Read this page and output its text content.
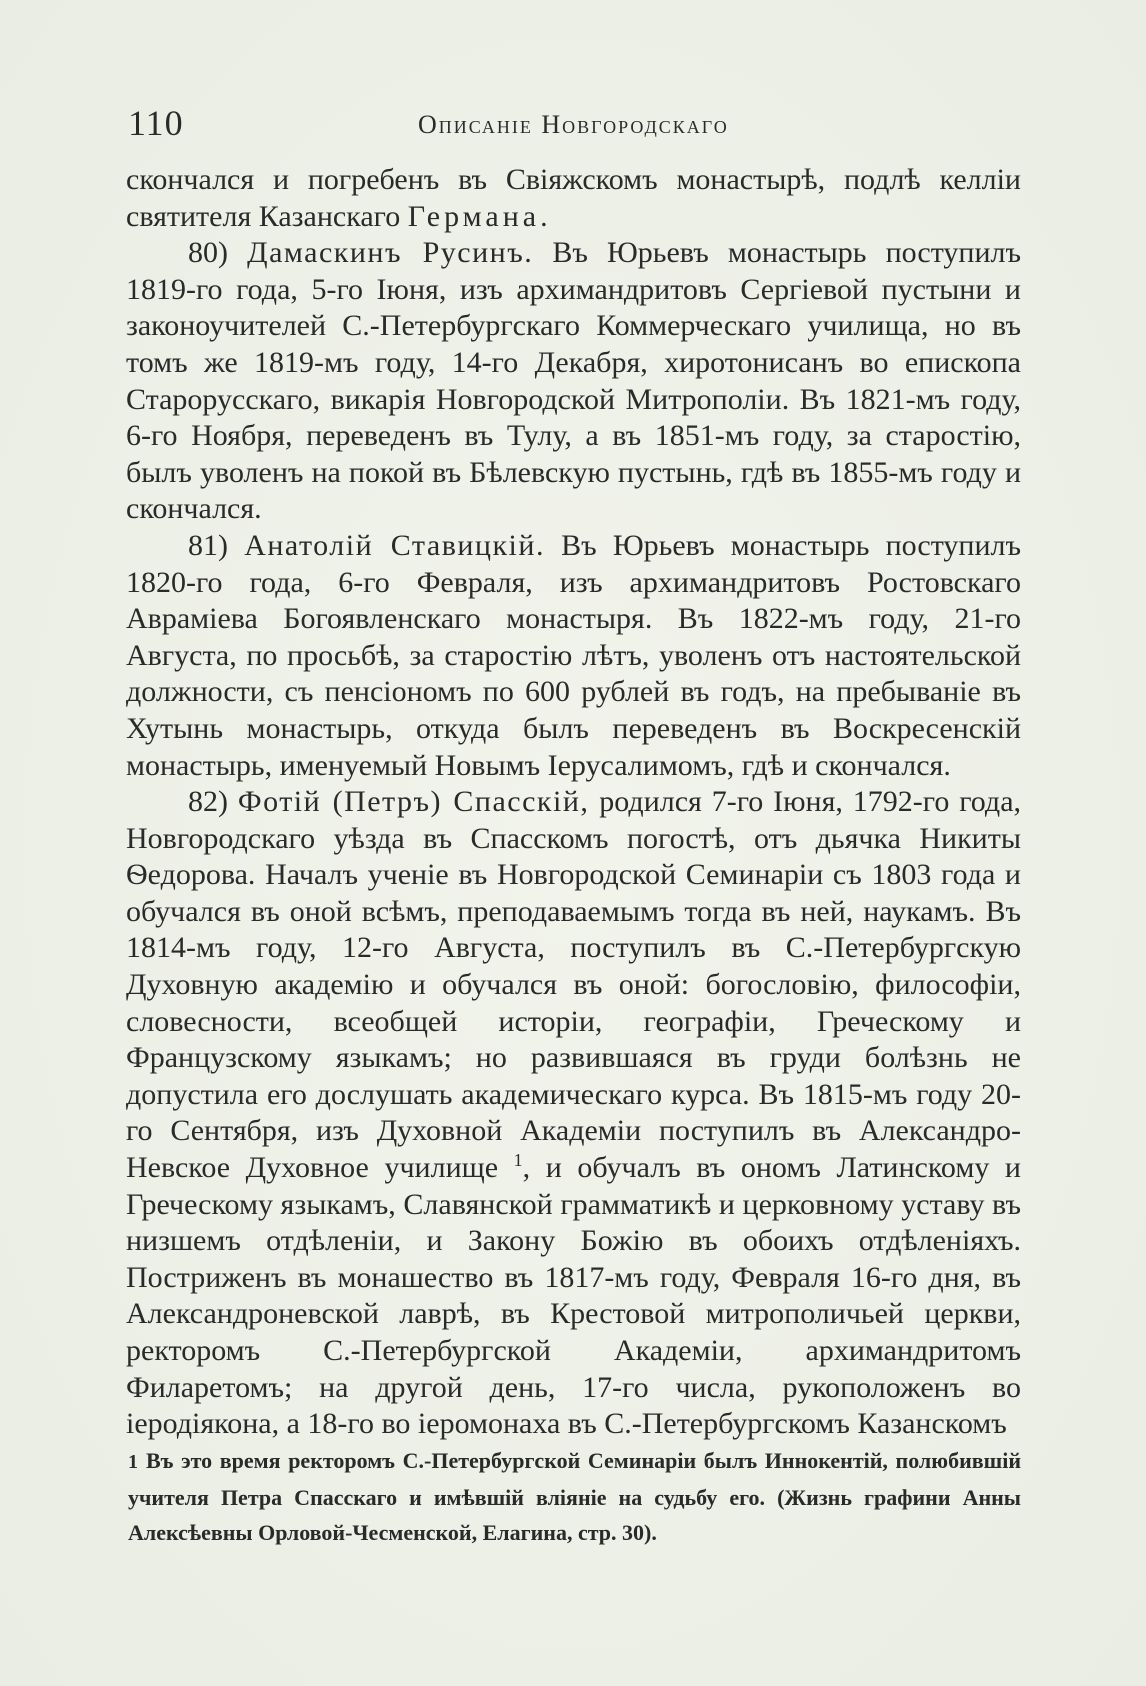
110	Описаніе Новгородскаго

скончался и погребенъ въ Свіяжскомъ монастырѣ, подлѣ келліи святителя Казанскаго Германа.

80) Дамаскинъ Русинъ. Въ Юрьевъ монастырь поступилъ 1819-го года, 5-го Іюня, изъ архимандритовъ Сергіевой пустыни и законоучителей С.-Петербургскаго Коммерческаго училища, но въ томъ же 1819-мъ году, 14-го Декабря, хиротонисанъ во епископа Старорусскаго, викарія Новгородской Митрополіи. Въ 1821-мъ году, 6-го Ноября, переведенъ въ Тулу, а въ 1851-мъ году, за старостію, былъ уволенъ на покой въ Бѣлевскую пустынь, гдѣ въ 1855-мъ году и скончался.

81) Анатолій Ставицкій. Въ Юрьевъ монастырь поступилъ 1820-го года, 6-го Февраля, изъ архимандритовъ Ростовскаго Авраміева Богоявленскаго монастыря. Въ 1822-мъ году, 21-го Августа, по просьбѣ, за старостію лѣтъ, уволенъ отъ настоятельской должности, съ пенсіономъ по 600 рублей въ годъ, на пребываніе въ Хутынь монастырь, откуда былъ переведенъ въ Воскресенскій монастырь, именуемый Новымъ Іерусалимомъ, гдѣ и скончался.

82) Фотій (Петръ) Спасскій, родился 7-го Іюня, 1792-го года, Новгородскаго уѣзда въ Спасскомъ погостѣ, отъ дьячка Никиты Ѳедорова. Началъ ученіе въ Новгородской Семинаріи съ 1803 года и обучался въ оной всѣмъ, преподаваемымъ тогда въ ней, наукамъ. Въ 1814-мъ году, 12-го Августа, поступилъ въ С.-Петербургскую Духовную академію и обучался въ оной: богословію, философіи, словесности, всеобщей исторіи, географіи, Греческому и Французскому языкамъ; но развившаяся въ груди болѣзнь не допустила его дослушать академическаго курса. Въ 1815-мъ году 20-го Сентября, изъ Духовной Академіи поступилъ въ Александро-Невское Духовное училище $^1$, и обучалъ въ ономъ Латинскому и Греческому языкамъ, Славянской грамматикѣ и церковному уставу въ низшемъ отдѣленіи, и Закону Божію въ обоихъ отдѣленіяхъ. Постриженъ въ монашество въ 1817-мъ году, Февраля 16-го дня, въ Александроневской лаврѣ, въ Крестовой митрополичьей церкви, ректоромъ С.-Петербургской Академіи, архимандритомъ Филаретомъ; на другой день, 17-го числа, рукоположенъ во іеродіякона, а 18-го во іеромонаха въ С.-Петербургскомъ Казанскомъ

1 Въ это время ректоромъ С.-Петербургской Семинаріи былъ Иннокентій, полюбившій учителя Петра Спасскаго и имѣвшій вліяніе на судьбу его. (Жизнь графини Анны Алексѣевны Орловой-Чесменской, Елагина, стр. 30).
